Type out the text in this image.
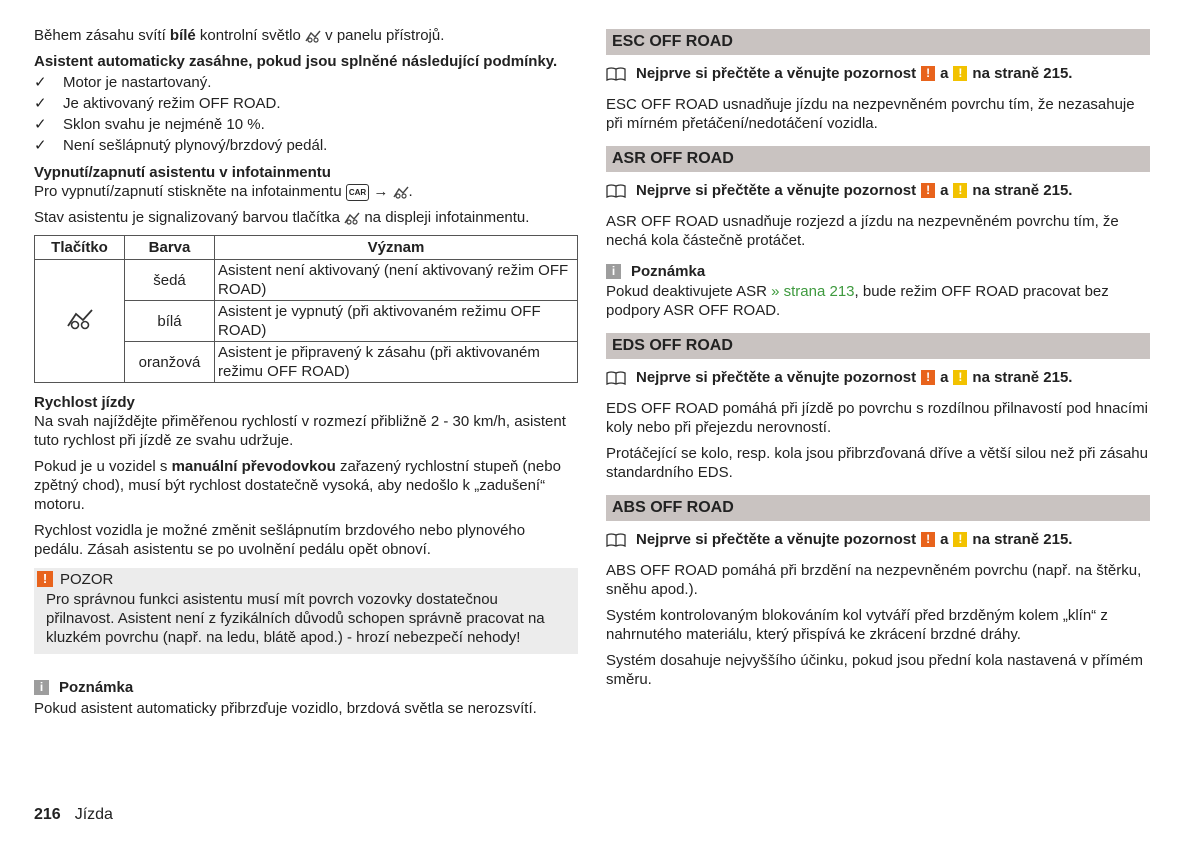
Během zásahu svítí bílé kontrolní světlo  v panelu přístrojů.

Asistent automaticky zasáhne, pokud jsou splněné následující podmínky.

✓ Motor je nastartovaný.
✓ Je aktivovaný režim OFF ROAD.
✓ Sklon svahu je nejméně 10 %.
✓ Není sešlápnutý plynový/brzdový pedál.
Vypnutí/zapnutí asistentu v infotainmentu

Pro vypnutí/zapnutí stiskněte na infotainmentu CAR → .

Stav asistentu je signalizovaný barvou tlačítka  na displeji infotainmentu.

Tlačítko	Barva	Význam
	šedá	Asistent není aktivovaný (není aktivovaný režim OFF ROAD)
	bílá	Asistent je vypnutý (při aktivovaném režimu OFF ROAD)
	oranžová	Asistent je připravený k zásahu (při aktivovaném režimu OFF ROAD)
Rychlost jízdy

Na svah najíždějte přiměřenou rychlostí v rozmezí přibližně 2 - 30 km/h, asistent tuto rychlost při jízdě ze svahu udržuje.

Pokud je u vozidel s manuální převodovkou zařazený rychlostní stupeň (nebo zpětný chod), musí být rychlost dostatečně vysoká, aby nedošlo k „zadušení“ motoru.

Rychlost vozidla je možné změnit sešlápnutím brzdového nebo plynového pedálu. Zásah asistentu se po uvolnění pedálu opět obnoví.

! POZOR
Pro správnou funkci asistentu musí mít povrch vozovky dostatečnou přilnavost. Asistent není z fyzikálních důvodů schopen správně pracovat na kluzkém povrchu (např. na ledu, blátě apod.) - hrozí nebezpečí nehody!
i	Poznámka

Pokud asistent automaticky přibrzďuje vozidlo, brzdová světla se nerozsvítí.

ESC OFF ROAD
Nejprve si přečtěte a věnujte pozornost ! a ! na straně 215.

ESC OFF ROAD usnadňuje jízdu na nezpevněném povrchu tím, že nezasahuje při mírném přetáčení/nedotáčení vozidla.

ASR OFF ROAD
Nejprve si přečtěte a věnujte pozornost ! a ! na straně 215.

ASR OFF ROAD usnadňuje rozjezd a jízdu na nezpevněném povrchu tím, že nechá kola částečně protáčet.

i	Poznámka

Pokud deaktivujete ASR » strana 213, bude režim OFF ROAD pracovat bez podpory ASR OFF ROAD.

EDS OFF ROAD
Nejprve si přečtěte a věnujte pozornost ! a ! na straně 215.

EDS OFF ROAD pomáhá při jízdě po povrchu s rozdílnou přilnavostí pod hnacími koly nebo při přejezdu nerovností.

Protáčející se kolo, resp. kola jsou přibrzďovaná dříve a větší silou než při zásahu standardního EDS.

ABS OFF ROAD
Nejprve si přečtěte a věnujte pozornost ! a ! na straně 215.

ABS OFF ROAD pomáhá při brzdění na nezpevněném povrchu (např. na štěrku, sněhu apod.).

Systém kontrolovaným blokováním kol vytváří před brzděným kolem „klín“ z nahrnutého materiálu, který přispívá ke zkrácení brzdné dráhy.

Systém dosahuje nejvyššího účinku, pokud jsou přední kola nastavená v přímém směru.

216 Jízda
